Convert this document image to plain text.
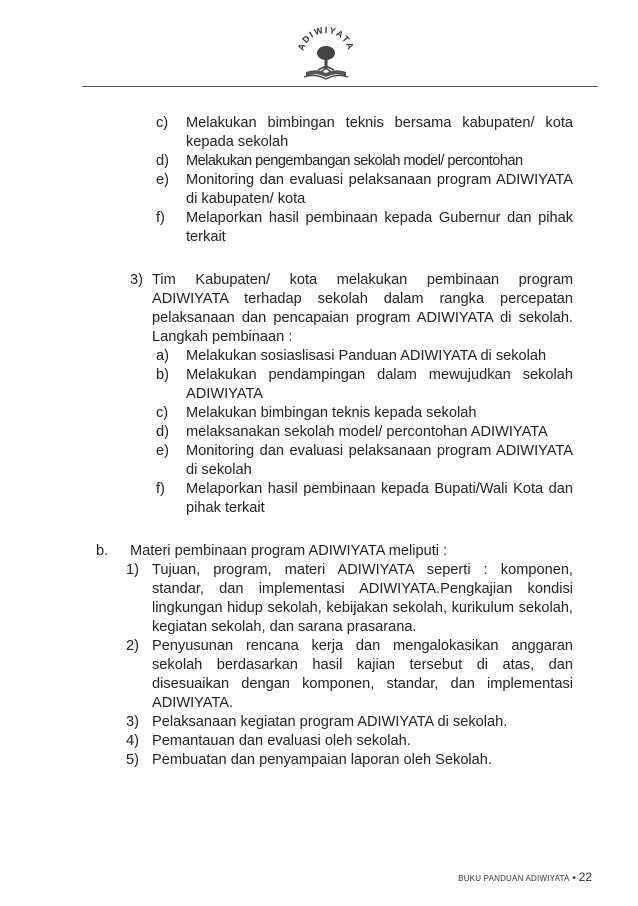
ADIWIYATA
c) Melakukan bimbingan teknis bersama kabupaten/ kota kepada sekolah
d) Melakukan pengembangan sekolah model/ percontohan
e) Monitoring dan evaluasi pelaksanaan program ADIWIYATA di kabupaten/ kota
f) Melaporkan hasil pembinaan kepada Gubernur dan pihak terkait
3) Tim Kabupaten/ kota melakukan pembinaan program ADIWIYATA terhadap sekolah dalam rangka percepatan pelaksanaan dan pencapaian program ADIWIYATA di sekolah. Langkah pembinaan :
a) Melakukan sosiaslisasi Panduan ADIWIYATA di sekolah
b) Melakukan pendampingan dalam mewujudkan sekolah ADIWIYATA
c) Melakukan bimbingan teknis kepada sekolah
d) melaksanakan sekolah model/ percontohan ADIWIYATA
e) Monitoring dan evaluasi pelaksanaan program ADIWIYATA di sekolah
f) Melaporkan hasil pembinaan kepada Bupati/Wali Kota dan pihak terkait
b. Materi pembinaan program ADIWIYATA meliputi :
1) Tujuan, program, materi ADIWIYATA seperti : komponen, standar, dan implementasi ADIWIYATA.Pengkajian kondisi lingkungan hidup sekolah, kebijakan sekolah, kurikulum sekolah, kegiatan sekolah, dan sarana prasarana.
2) Penyusunan rencana kerja dan mengalokasikan anggaran sekolah berdasarkan hasil kajian tersebut di atas, dan disesuaikan dengan komponen, standar, dan implementasi ADIWIYATA.
3) Pelaksanaan kegiatan program ADIWIYATA di sekolah.
4) Pemantauan dan evaluasi oleh sekolah.
5) Pembuatan dan penyampaian laporan oleh Sekolah.
BUKU PANDUAN ADIWIYATA • 22
